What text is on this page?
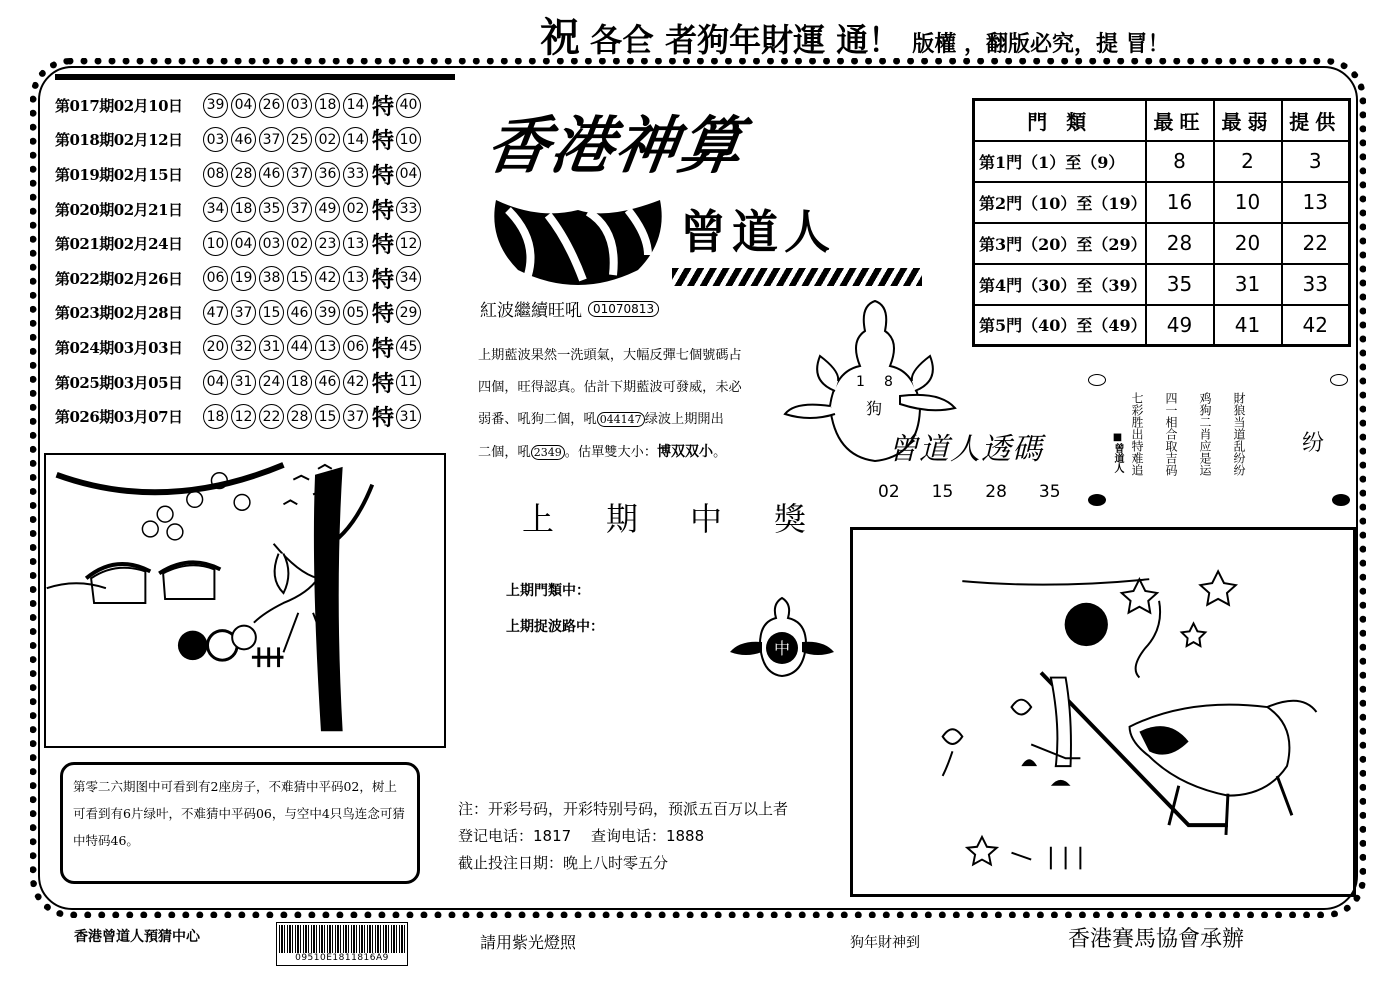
祝 各仺 者狗年財運 通！ 版權 ，翻版必究，提 冒！
第017期02月10日	39 04 26 03 18 14 特 40
第018期02月12日	03 46 37 25 02 14 特 10
第019期02月15日	08 28 46 37 36 33 特 04
第020期02月21日	34 18 35 37 49 02 特 33
第021期02月24日	10 04 03 02 23 13 特 12
第022期02月26日	06 19 38 15 42 13 特 34
第023期02月28日	47 37 15 46 39 05 特 29
第024期03月03日	20 32 31 44 13 06 特 45
第025期03月05日	04 31 24 18 46 42 特 11
第026期03月07日	18 12 22 28 15 37 特 31
香港神算
曾道人
紅波繼續旺吼 01070813
上期藍波果然一洗頭氣，大幅反彈七個號碼占
四個，旺得認真。估計下期藍波可發威，未必
弱番、吼狗二個，吼 044147 绿波上期開出
二個，吼 2349 。估單雙大小：博双双小。
門 類	最旺	最弱	提供
第1門（1）至（9）	8	2	3
第2門（10）至（19）	16	10	13
第3門（20）至（29）	28	20	22
第4門（30）至（39）	35	31	33
第5門（40）至（49）	49	41	42
1 8
狗
■曾道人 七彩胜出特难追 四一相合取吉码 鸡狗二肖应是运 財狼当道乱纷纷	纷
曾道人透碼
02 15 28 35
第零二六期图中可看到有2座房子，不难猜中平码02，树上可看到有6片绿叶，不难猜中平码06，与空中4只鸟连念可猜中特码46。
上期中獎
上期門類中：
上期捉波路中：
中
注：开彩号码，开彩特别号码，预派五百万以上者
登记电话：1817　 查询电话：1888
截止投注日期：晚上八时零五分
香港曾道人預猜中心
09510E1811816A9
請用紫光燈照	狗年財神到	香港賽馬協會承辦
